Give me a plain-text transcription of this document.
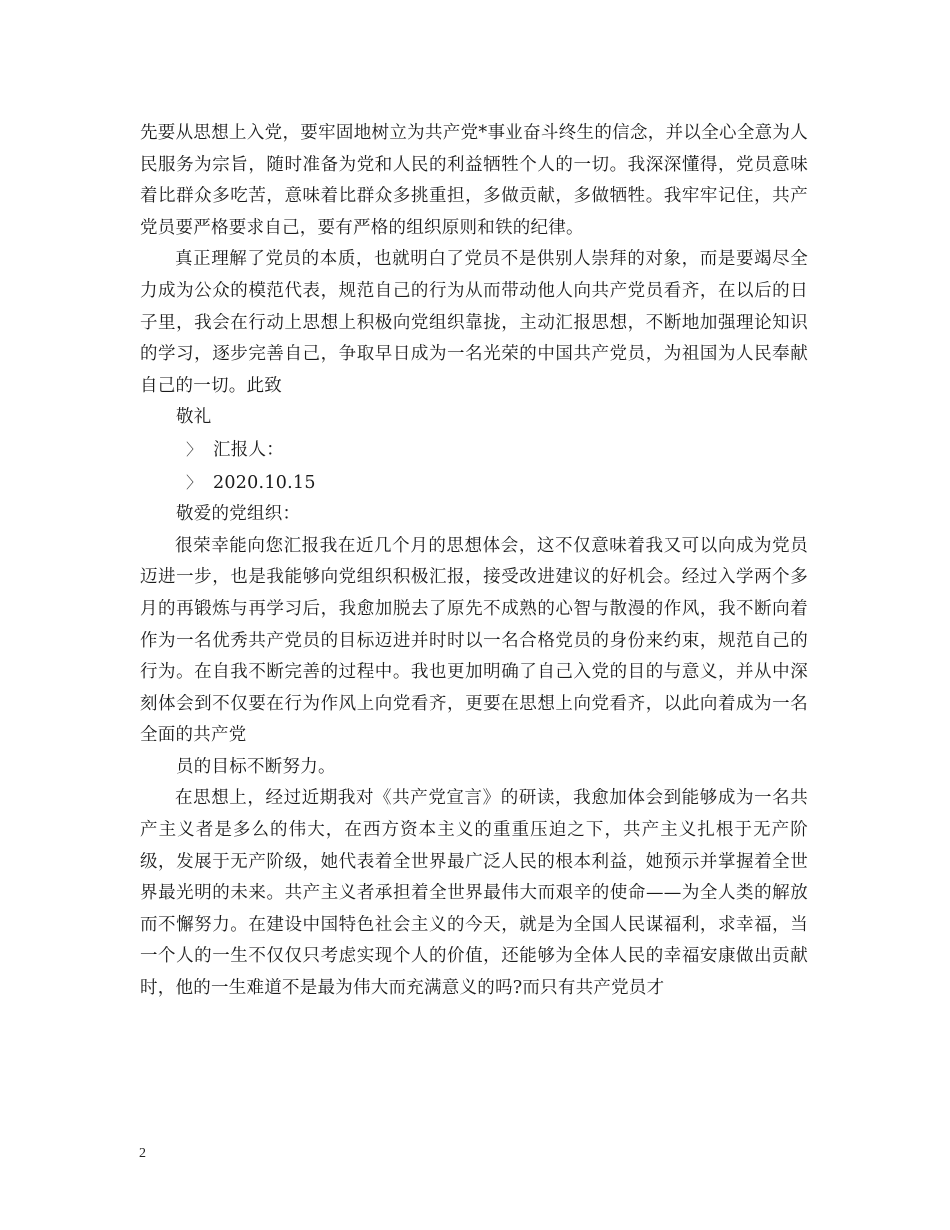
先要从思想上入党，要牢固地树立为共产党*事业奋斗终生的信念，并以全心全意为人民服务为宗旨，随时准备为党和人民的利益牺牲个人的一切。我深深懂得，党员意味着比群众多吃苦，意味着比群众多挑重担，多做贡献，多做牺牲。我牢牢记住，共产党员要严格要求自己，要有严格的组织原则和铁的纪律。

真正理解了党员的本质，也就明白了党员不是供别人崇拜的对象，而是要竭尽全力成为公众的模范代表，规范自己的行为从而带动他人向共产党员看齐，在以后的日子里，我会在行动上思想上积极向党组织靠拢，主动汇报思想，不断地加强理论知识的学习，逐步完善自己，争取早日成为一名光荣的中国共产党员，为祖国为人民奉献自己的一切。此致

敬礼

〉 汇报人：

〉 2020.10.15

敬爱的党组织：

很荣幸能向您汇报我在近几个月的思想体会，这不仅意味着我又可以向成为党员迈进一步，也是我能够向党组织积极汇报，接受改进建议的好机会。经过入学两个多月的再锻炼与再学习后，我愈加脱去了原先不成熟的心智与散漫的作风，我不断向着作为一名优秀共产党员的目标迈进并时时以一名合格党员的身份来约束，规范自己的行为。在自我不断完善的过程中。我也更加明确了自己入党的目的与意义，并从中深刻体会到不仅要在行为作风上向党看齐，更要在思想上向党看齐，以此向着成为一名全面的共产党

员的目标不断努力。

在思想上，经过近期我对《共产党宣言》的研读，我愈加体会到能够成为一名共产主义者是多么的伟大，在西方资本主义的重重压迫之下，共产主义扎根于无产阶级，发展于无产阶级，她代表着全世界最广泛人民的根本利益，她预示并掌握着全世界最光明的未来。共产主义者承担着全世界最伟大而艰辛的使命——为全人类的解放而不懈努力。在建设中国特色社会主义的今天，就是为全国人民谋福利，求幸福，当一个人的一生不仅仅只考虑实现个人的价值，还能够为全体人民的幸福安康做出贡献时，他的一生难道不是最为伟大而充满意义的吗?而只有共产党员才

2
